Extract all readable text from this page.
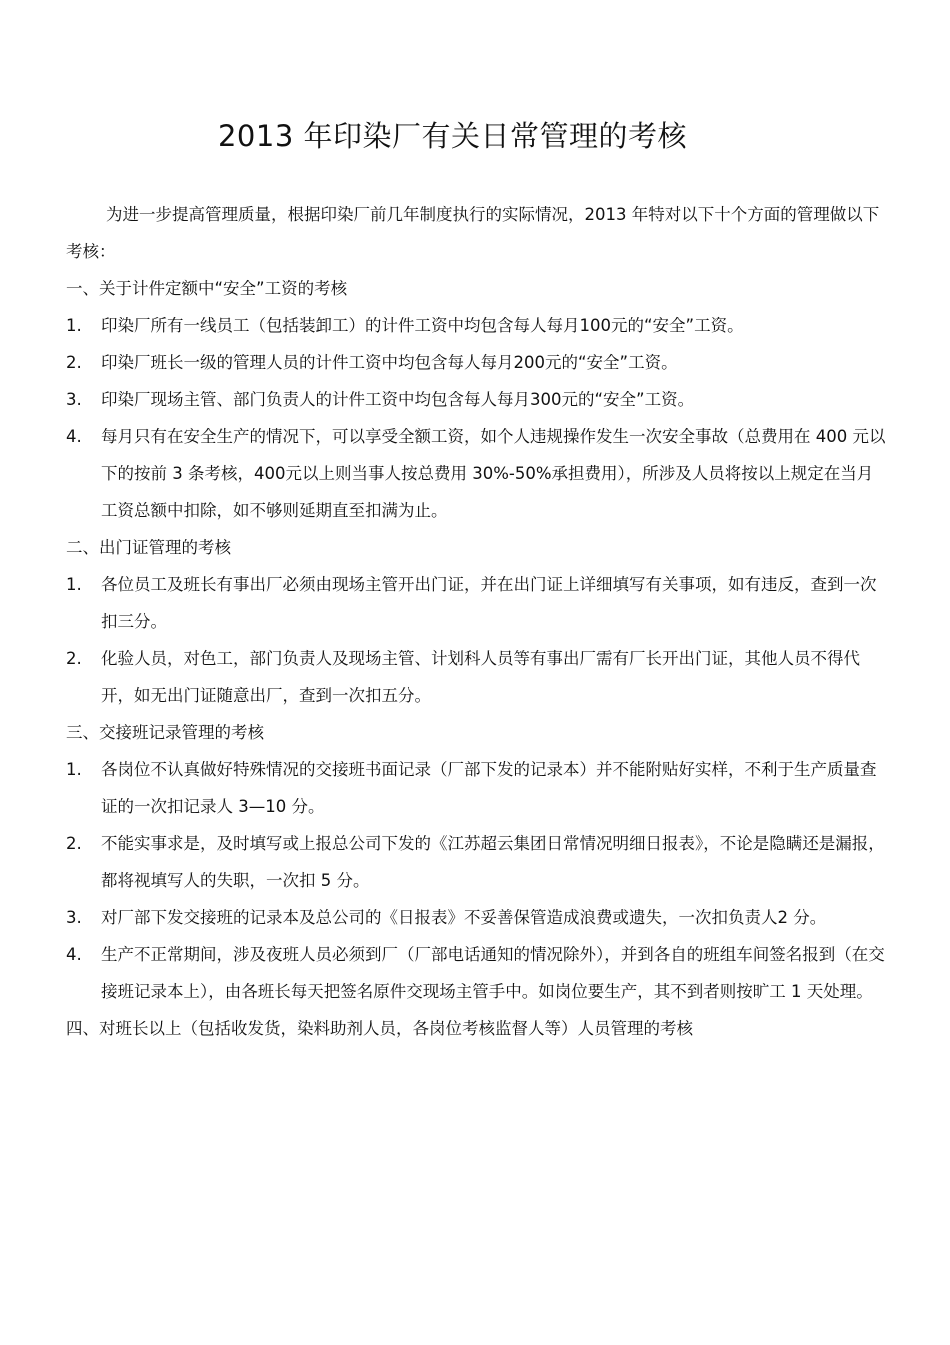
2013 年印染厂有关日常管理的考核

为进一步提高管理质量，根据印染厂前几年制度执行的实际情况，2013 年特对以下十个方面的管理做以下考核：

一、关于计件定额中“安全”工资的考核

1. 印染厂所有一线员工（包括装卸工）的计件工资中均包含每人每月100元的“安全”工资。
2. 印染厂班长一级的管理人员的计件工资中均包含每人每月200元的“安全”工资。
3. 印染厂现场主管、部门负责人的计件工资中均包含每人每月300元的“安全”工资。
4. 每月只有在安全生产的情况下，可以享受全额工资，如个人违规操作发生一次安全事故（总费用在 400 元以下的按前 3 条考核，400元以上则当事人按总费用 30%-50%承担费用），所涉及人员将按以上规定在当月工资总额中扣除，如不够则延期直至扣满为止。

二、出门证管理的考核

1. 各位员工及班长有事出厂必须由现场主管开出门证，并在出门证上详细填写有关事项，如有违反，查到一次扣三分。
2. 化验人员，对色工，部门负责人及现场主管、计划科人员等有事出厂需有厂长开出门证，其他人员不得代开，如无出门证随意出厂，查到一次扣五分。

三、交接班记录管理的考核

1. 各岗位不认真做好特殊情况的交接班书面记录（厂部下发的记录本）并不能附贴好实样，不利于生产质量查证的一次扣记录人 3—10 分。
2. 不能实事求是，及时填写或上报总公司下发的《江苏超云集团日常情况明细日报表》，不论是隐瞒还是漏报，都将视填写人的失职，一次扣 5 分。
3. 对厂部下发交接班的记录本及总公司的《日报表》不妥善保管造成浪费或遗失，一次扣负责人2 分。
4. 生产不正常期间，涉及夜班人员必须到厂（厂部电话通知的情况除外），并到各自的班组车间签名报到（在交接班记录本上），由各班长每天把签名原件交现场主管手中。如岗位要生产，其不到者则按旷工 1 天处理。

四、对班长以上（包括收发货，染料助剂人员，各岗位考核监督人等）人员管理的考核
